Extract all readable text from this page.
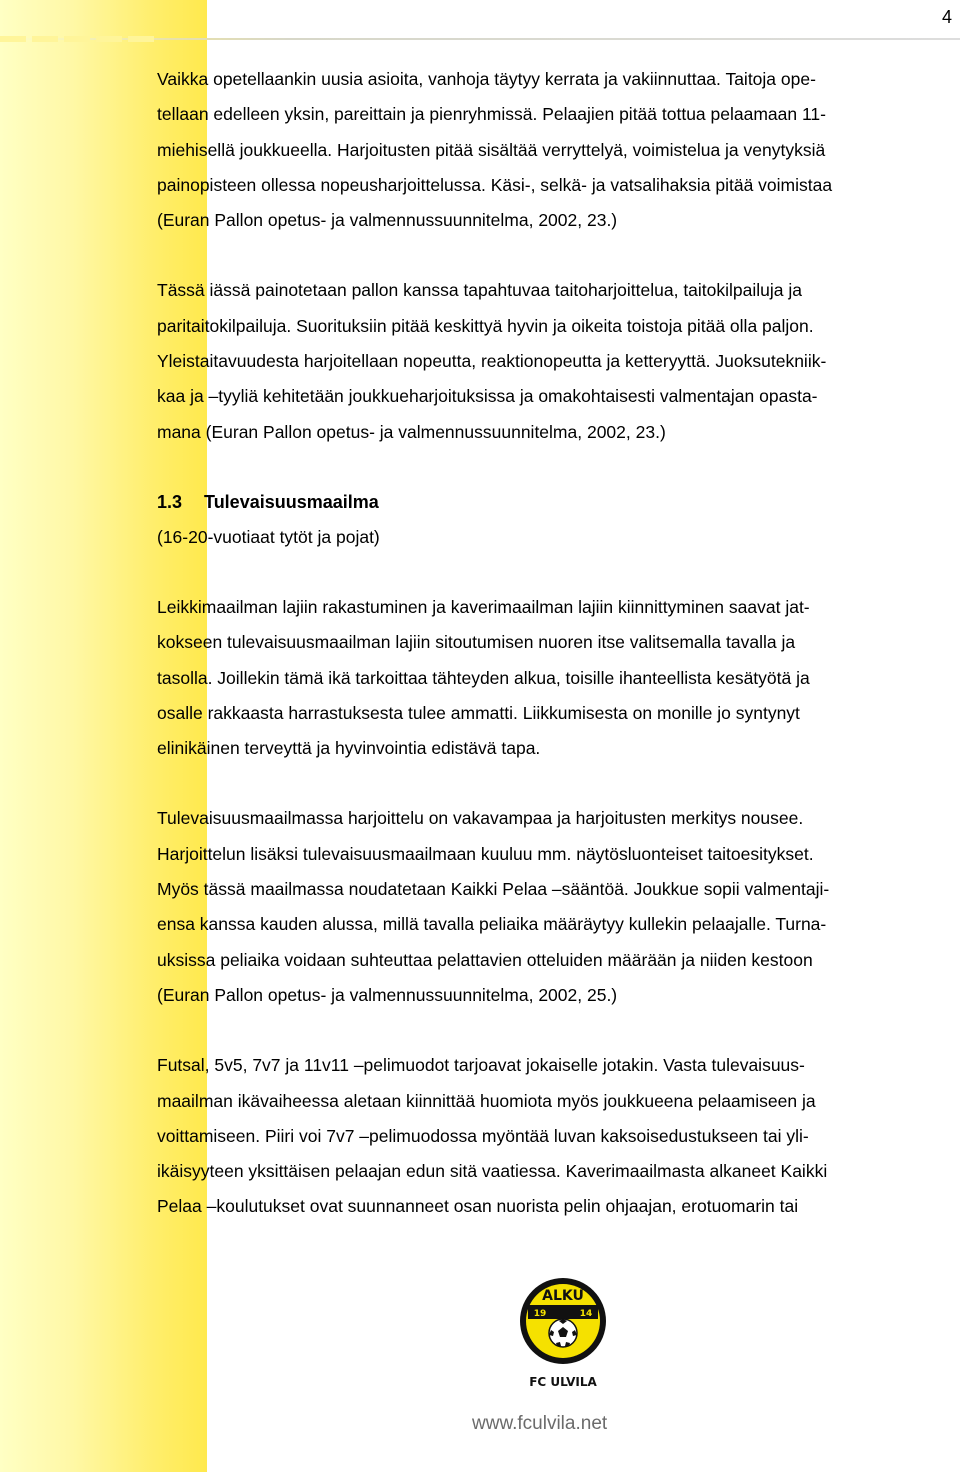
4

Vaikka opetellaankin uusia asioita, vanhoja täytyy kerrata ja vakiinnuttaa. Taitoja ope-
tellaan edelleen yksin, pareittain ja pienryhmissä. Pelaajien pitää tottua pelaamaan 11-
miehisellä joukkueella. Harjoitusten pitää sisältää verryttelyä, voimistelua ja venytyksiä
painopisteen ollessa nopeusharjoittelussa. Käsi-, selkä- ja vatsalihaksia pitää voimistaa
(Euran Pallon opetus- ja valmennussuunnitelma, 2002, 23.)

Tässä iässä painotetaan pallon kanssa tapahtuvaa taitoharjoittelua, taitokilpailuja ja
paritaitokilpailuja. Suorituksiin pitää keskittyä hyvin ja oikeita toistoja pitää olla paljon.
Yleistaitavuudesta harjoitellaan nopeutta, reaktionopeutta ja ketteryyttä. Juoksutekniik-
kaa ja –tyyliä kehitetään joukkueharjoituksissa ja omakohtaisesti valmentajan opasta-
mana (Euran Pallon opetus- ja valmennussuunnitelma, 2002, 23.)

1.3 Tulevaisuusmaailma

(16-20-vuotiaat tytöt ja pojat)

Leikkimaailman lajiin rakastuminen ja kaverimaailman lajiin kiinnittyminen saavat jat-
kokseen tulevaisuusmaailman lajiin sitoutumisen nuoren itse valitsemalla tavalla ja
tasolla. Joillekin tämä ikä tarkoittaa tähteyden alkua, toisille ihanteellista kesätyötä ja
osalle rakkaasta harrastuksesta tulee ammatti. Liikkumisesta on monille jo syntynyt
elinikäinen terveyttä ja hyvinvointia edistävä tapa.

Tulevaisuusmaailmassa harjoittelu on vakavampaa ja harjoitusten merkitys nousee.
Harjoittelun lisäksi tulevaisuusmaailmaan kuuluu mm. näytösluonteiset taitoesitykset.
Myös tässä maailmassa noudatetaan Kaikki Pelaa –sääntöä. Joukkue sopii valmentaji-
ensa kanssa kauden alussa, millä tavalla peliaika määräytyy kullekin pelaajalle. Turna-
uksissa peliaika voidaan suhteuttaa pelattavien otteluiden määrään ja niiden kestoon
(Euran Pallon opetus- ja valmennussuunnitelma, 2002, 25.)

Futsal, 5v5, 7v7 ja 11v11 –pelimuodot tarjoavat jokaiselle jotakin. Vasta tulevaisuus-
maailman ikävaiheessa aletaan kiinnittää huomiota myös joukkueena pelaamiseen ja
voittamiseen. Piiri voi 7v7 –pelimuodossa myöntää luvan kaksoisedustukseen tai yli-
ikäisyyteen yksittäisen pelaajan edun sitä vaatiessa. Kaverimaailmasta alkaneet Kaikki
Pelaa –koulutukset ovat suunnanneet osan nuorista pelin ohjaajan, erotuomarin tai

ALKU
19	14
FC ULVILA
www.fculvila.net
